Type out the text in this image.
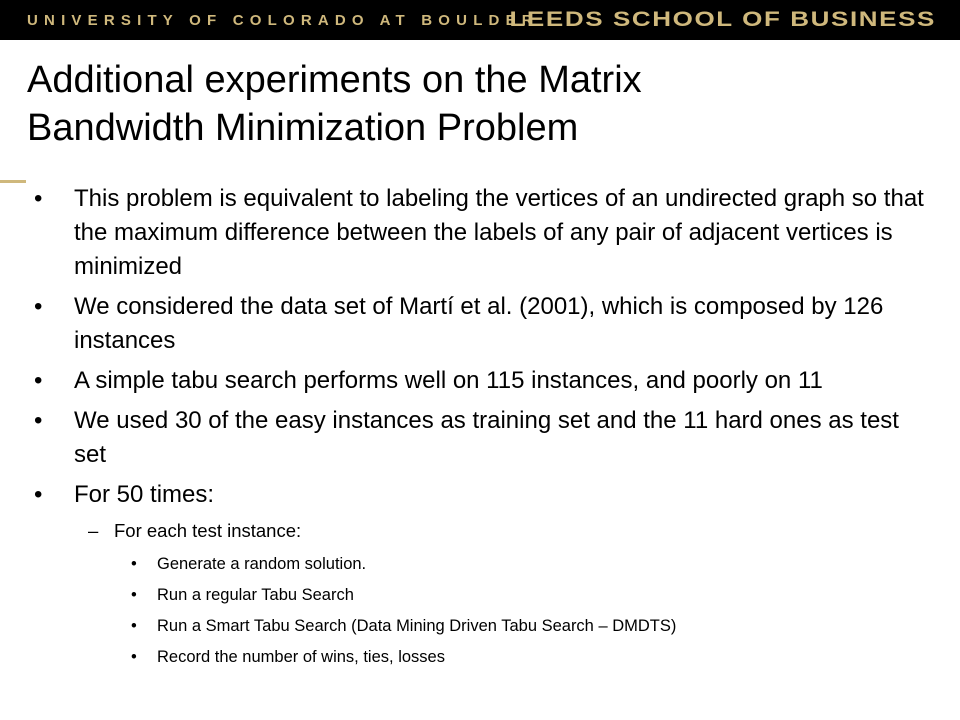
UNIVERSITY OF COLORADO AT BOULDER
LEEDS SCHOOL OF BUSINESS
Additional experiments on the Matrix
Bandwidth Minimization Problem
• This problem is equivalent to labeling the vertices of an undirected graph so that the maximum difference between the labels of any pair of adjacent vertices is minimized
• We considered the data set of Martí et al. (2001), which is composed by 126 instances
• A simple tabu search performs well on 115 instances, and poorly on 11
• We used 30 of the easy instances as training set and the 11 hard ones as test set
• For 50 times:
– For each test instance:
• Generate a random solution.
• Run a regular Tabu Search
• Run a Smart Tabu Search (Data Mining Driven Tabu Search – DMDTS)
• Record the number of wins, ties, losses
